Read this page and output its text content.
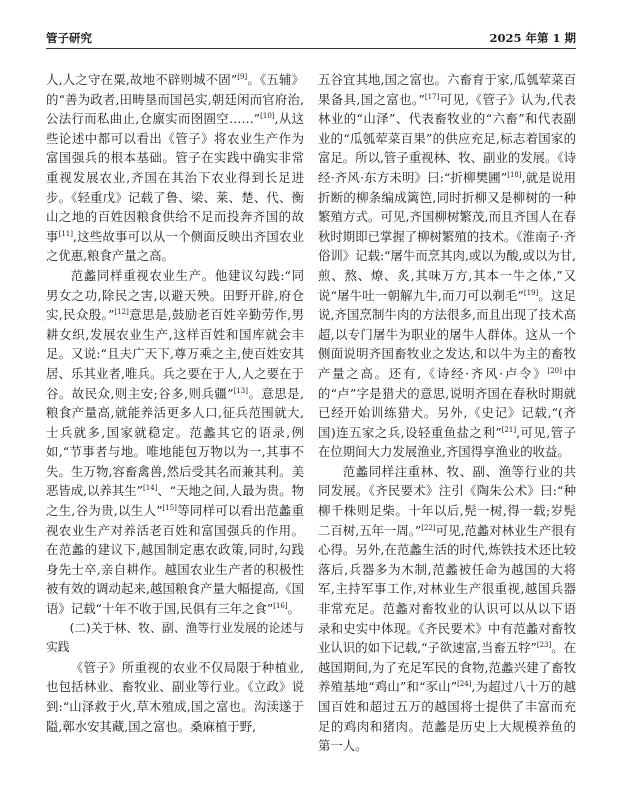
管子研究	2025 年第 1 期

人,人之守在粟,故地不辟则城不固”[9]。《五辅》的“善为政者,田畴垦而国邑实,朝廷闲而官府治,公法行而私曲止,仓廪实而囹圄空……”[10],从这些论述中都可以看出《管子》将农业生产作为富国强兵的根本基础。管子在实践中确实非常重视发展农业,齐国在其治下农业得到长足进步。《轻重戊》记载了鲁、梁、莱、楚、代、衡山之地的百姓因粮食供给不足而投奔齐国的故事[11],这些故事可以从一个侧面反映出齐国农业之优惠,粮食产量之高。

范蠡同样重视农业生产。他建议勾践:“同男女之功,除民之害,以避天殃。田野开辟,府仓实,民众殷。”[12]意思是,鼓励老百姓辛勤劳作,男耕女织,发展农业生产,这样百姓和国库就会丰足。又说:“且夫广天下,尊万乘之主,使百姓安其居、乐其业者,唯兵。兵之要在于人,人之要在于谷。故民众,则主安;谷多,则兵疆”[13]。意思是,粮食产量高,就能养活更多人口,征兵范围就大,士兵就多,国家就稳定。范蠡其它的语录,例如,“节事者与地。唯地能包万物以为一,其事不失。生万物,容畜禽兽,然后受其名而兼其利。美恶皆成,以养其生”[14]、“天地之间,人最为贵。物之生,谷为贵,以生人”[15]等同样可以看出范蠡重视农业生产对养活老百姓和富国强兵的作用。在范蠡的建议下,越国制定惠农政策,同时,勾践身先士卒,亲自耕作。越国农业生产者的积极性被有效的调动起来,越国粮食产量大幅提高,《国语》记载“十年不收于国,民俱有三年之食”[16]。

(二)关于林、牧、副、渔等行业发展的论述与实践

《管子》所重视的农业不仅局限于种植业,也包括林业、畜牧业、副业等行业。《立政》说到:“山泽救于火,草木殖成,国之富也。沟渎遂于隘,鄣水安其藏,国之富也。桑麻植于野,

五谷宜其地,国之富也。六畜育于家,瓜瓠荤菜百果备具,国之富也。”[17]可见,《管子》认为,代表林业的“山泽”、代表畜牧业的“六畜”和代表副业的“瓜瓠荤菜百果”的供应充足,标志着国家的富足。所以,管子重视林、牧、副业的发展。《诗经·齐风·东方未明》曰:“折柳樊圃”[18],就是说用折断的柳条编成篱笆,同时折柳又是柳树的一种繁殖方式。可见,齐国柳树繁茂,而且齐国人在春秋时期即已掌握了柳树繁殖的技术。《淮南子·齐俗训》记载:“屠牛而烹其肉,或以为酸,或以为甘,煎、熬、燎、炙,其味万方,其本一牛之体,”又说“屠牛吐一朝解九牛,而刀可以剃毛”[19]。这足说,齐国烹制牛肉的方法很多,而且出现了技术高超,以专门屠牛为职业的屠牛人群体。这从一个侧面说明齐国畜牧业之发达,和以牛为主的畜牧产量之高。还有,《诗经·齐风·卢令》[20]中的“卢”字是猎犬的意思,说明齐国在春秋时期就已经开始训练猎犬。另外,《史记》记载,“(齐国)连五家之兵,设轻重鱼盐之利”[21],可见,管子在位期间大力发展渔业,齐国得享渔业的收益。

范蠡同样注重林、牧、副、渔等行业的共同发展。《齐民要术》注引《陶朱公术》曰:“种柳千株则足柴。十年以后,髡一树,得一载;岁髡二百树,五年一周。”[22]可见,范蠡对林业生产很有心得。另外,在范蠡生活的时代,炼铁技术还比较落后,兵器多为木制,范蠡被任命为越国的大将军,主持军事工作,对林业生产很重视,越国兵器非常充足。范蠡对畜牧业的认识可以从以下语录和史实中体现。《齐民要术》中有范蠡对畜牧业认识的如下记载,“子欲速富,当畜五牸”[23]。在越国期间,为了充足军民的食物,范蠡兴建了畜牧养殖基地“鸡山”和“豕山”[24],为超过八十万的越国百姓和超过五万的越国将士提供了丰富而充足的鸡肉和猪肉。范蠡是历史上大规模养鱼的第一人。
